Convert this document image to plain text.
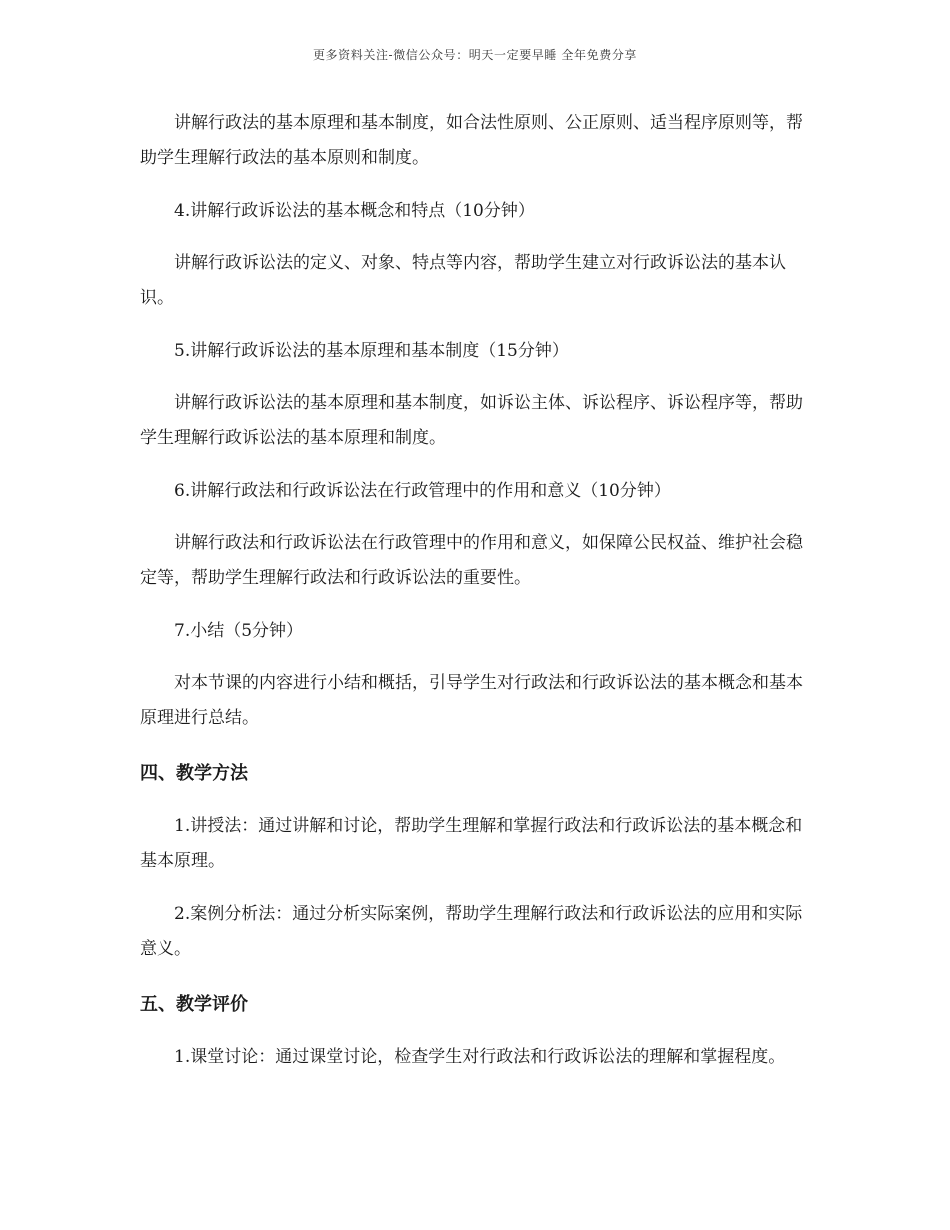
更多资料关注-微信公众号：明天一定要早睡 全年免费分享

讲解行政法的基本原理和基本制度，如合法性原则、公正原则、适当程序原则等，帮助学生理解行政法的基本原则和制度。

4.讲解行政诉讼法的基本概念和特点（10分钟）

讲解行政诉讼法的定义、对象、特点等内容，帮助学生建立对行政诉讼法的基本认识。

5.讲解行政诉讼法的基本原理和基本制度（15分钟）

讲解行政诉讼法的基本原理和基本制度，如诉讼主体、诉讼程序、诉讼程序等，帮助学生理解行政诉讼法的基本原理和制度。

6.讲解行政法和行政诉讼法在行政管理中的作用和意义（10分钟）

讲解行政法和行政诉讼法在行政管理中的作用和意义，如保障公民权益、维护社会稳定等，帮助学生理解行政法和行政诉讼法的重要性。

7.小结（5分钟）

对本节课的内容进行小结和概括，引导学生对行政法和行政诉讼法的基本概念和基本原理进行总结。

四、教学方法

1.讲授法：通过讲解和讨论，帮助学生理解和掌握行政法和行政诉讼法的基本概念和基本原理。

2.案例分析法：通过分析实际案例，帮助学生理解行政法和行政诉讼法的应用和实际意义。

五、教学评价

1.课堂讨论：通过课堂讨论，检查学生对行政法和行政诉讼法的理解和掌握程度。
